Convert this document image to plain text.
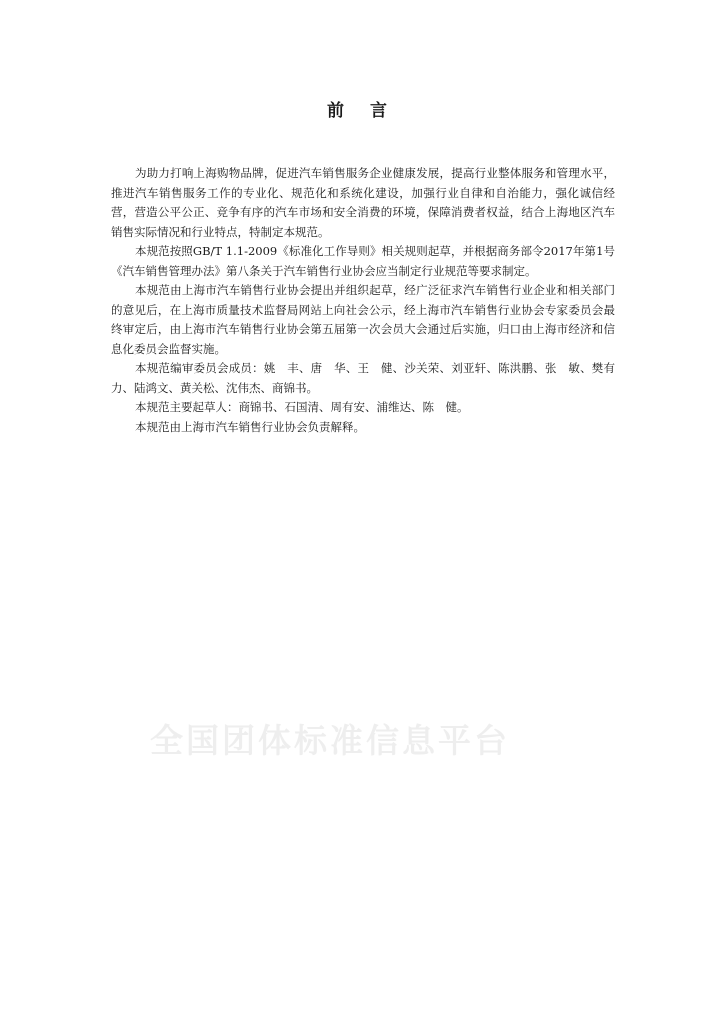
前 言

为助力打响上海购物品牌，促进汽车销售服务企业健康发展，提高行业整体服务和管理水平，推进汽车销售服务工作的专业化、规范化和系统化建设，加强行业自律和自治能力，强化诚信经营，营造公平公正、竞争有序的汽车市场和安全消费的环境，保障消费者权益，结合上海地区汽车销售实际情况和行业特点，特制定本规范。

本规范按照GB/T 1.1-2009《标准化工作导则》相关规则起草，并根据商务部令2017年第1号《汽车销售管理办法》第八条关于汽车销售行业协会应当制定行业规范等要求制定。

本规范由上海市汽车销售行业协会提出并组织起草，经广泛征求汽车销售行业企业和相关部门的意见后，在上海市质量技术监督局网站上向社会公示，经上海市汽车销售行业协会专家委员会最终审定后，由上海市汽车销售行业协会第五届第一次会员大会通过后实施，归口由上海市经济和信息化委员会监督实施。

本规范编审委员会成员：姚　丰、唐　华、王　健、沙关荣、刘亚轩、陈洪鹏、张　敏、樊有力、陆鸿文、黄关松、沈伟杰、商锦书。

本规范主要起草人：商锦书、石国清、周有安、浦维达、陈　健。

本规范由上海市汽车销售行业协会负责解释。

全国团体标准信息平台
